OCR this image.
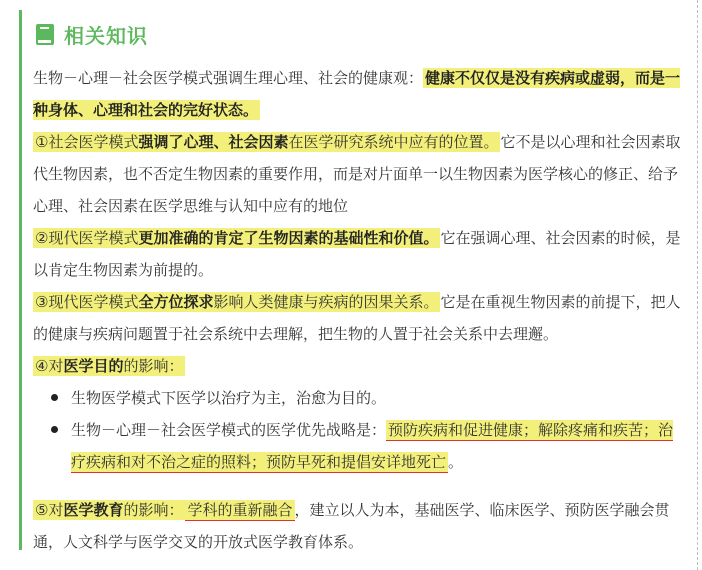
相关知识

生物－心理－社会医学模式强调生理心理、社会的健康观： 健康不仅仅是没有疾病或虚弱，而是一种身体、心理和社会的完好状态。

①社会医学模式强调了心理、社会因素在医学研究系统中应有的位置。 它不是以心理和社会因素取代生物因素，也不否定生物因素的重要作用，而是对片面单一以生物因素为医学核心的修正、给予心理、社会因素在医学思维与认知中应有的地位

②现代医学模式更加准确的肯定了生物因素的基础性和价值。 它在强调心理、社会因素的时候，是以肯定生物因素为前提的。

③现代医学模式全方位探求影响人类健康与疾病的因果关系。 它是在重视生物因素的前提下，把人的健康与疾病问题置于社会系统中去理解，把生物的人置于社会关系中去理邂。

④对医学目的的影响：

生物医学模式下医学以治疗为主，治愈为目的。
生物－心理－社会医学模式的医学优先战略是： 预防疾病和促进健康；解除疼痛和疾苦；治疗疾病和对不治之症的照料；预防早死和提倡安详地死亡 。

⑤对医学教育的影响： 学科的重新融合 ，建立以人为本，基础医学、临床医学、预防医学融会贯通，人文科学与医学交叉的开放式医学教育体系。
